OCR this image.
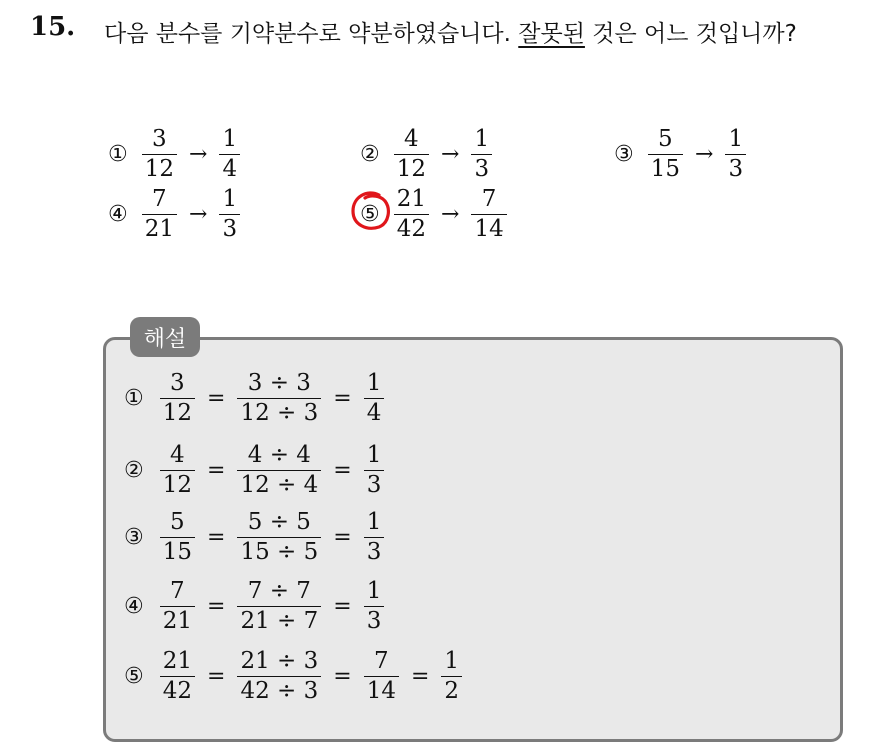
15. 다음 분수를 기약분수로 약분하였습니다. 잘못된 것은 어느 것입니까?
① $\frac{3}{12} \to \frac{1}{4}$	② $\frac{4}{12} \to \frac{1}{3}$	③ $\frac{5}{15} \to \frac{1}{3}$
④ $\frac{7}{21} \to \frac{1}{3}$	⑤ $\frac{21}{42} \to \frac{7}{14}$
해설
① $\frac{3}{12} = \frac{3 \div 3}{12 \div 3} = \frac{1}{4}$
② $\frac{4}{12} = \frac{4 \div 4}{12 \div 4} = \frac{1}{3}$
③ $\frac{5}{15} = \frac{5 \div 5}{15 \div 5} = \frac{1}{3}$
④ $\frac{7}{21} = \frac{7 \div 7}{21 \div 7} = \frac{1}{3}$
⑤ $\frac{21}{42} = \frac{21 \div 3}{42 \div 3} = \frac{7}{14} = \frac{1}{2}$
